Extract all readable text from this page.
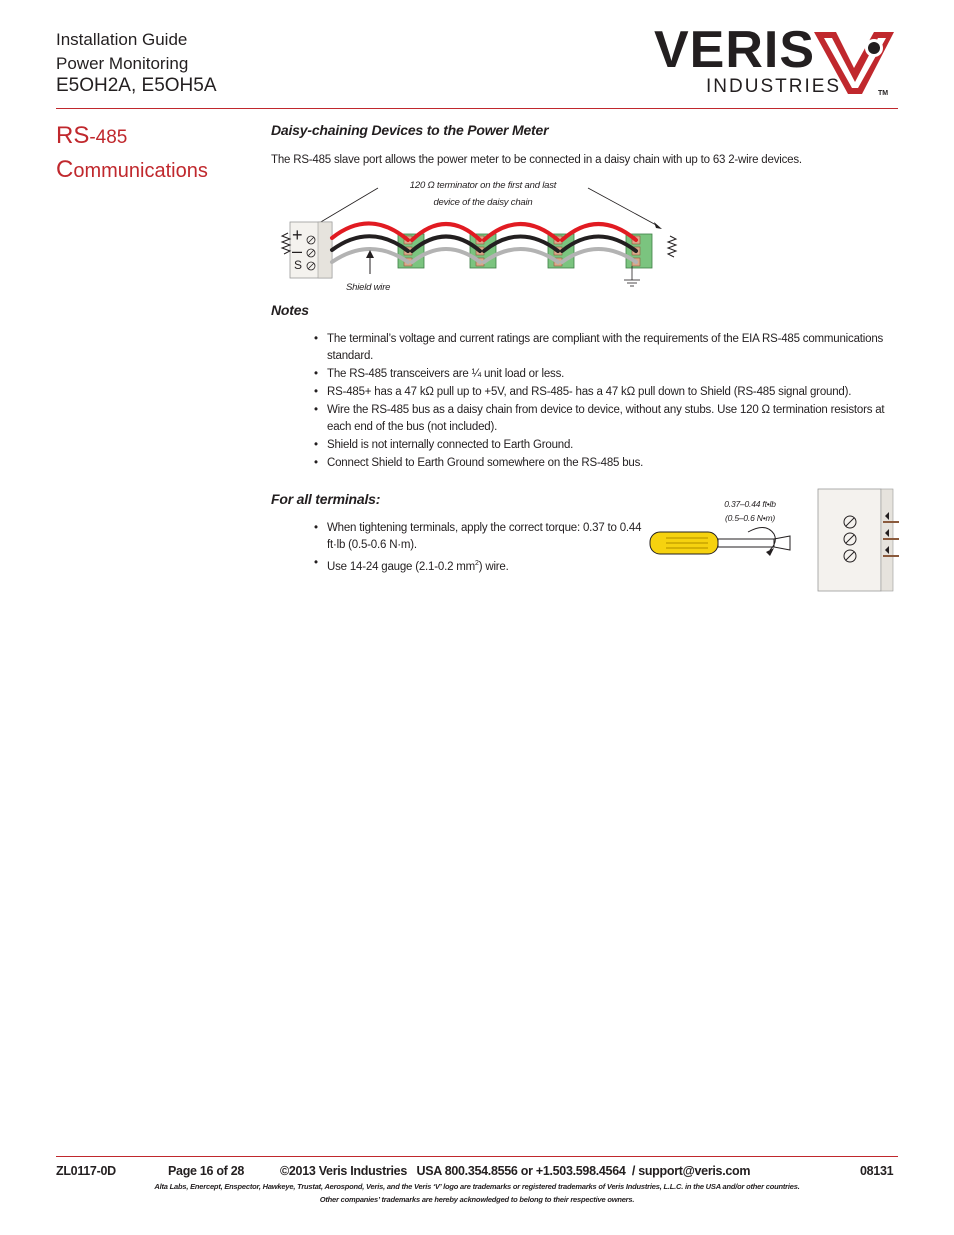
Installation Guide
Power Monitoring
E5OH2A, E5OH5A
VERIS
INDUSTRIES	TM
RS-485
Communications
Daisy-chaining Devices to the Power Meter
The RS-485 slave port allows the power meter to be connected in a daisy chain with up to 63 2-wire devices.
120 Ω terminator on the first and last
device of the daisy chain
+
–
S
Shield wire
Notes
• The terminal’s voltage and current ratings are compliant with the requirements of the EIA RS-485 communications standard.
• The RS-485 transceivers are ¼ unit load or less.
• RS-485+ has a 47 kΩ pull up to +5V, and RS-485- has a 47 kΩ pull down to Shield (RS-485 signal ground).
• Wire the RS-485 bus as a daisy chain from device to device, without any stubs. Use 120 Ω termination resistors at each end of the bus (not included).
• Shield is not internally connected to Earth Ground.
• Connect Shield to Earth Ground somewhere on the RS-485 bus.
For all terminals:
• When tightening terminals, apply the correct torque: 0.37 to 0.44 ft·lb (0.5-0.6 N·m).
• Use 14-24 gauge (2.1-0.2 $mm^2$) wire.
0.37–0.44 ft•lb
(0.5–0.6 N•m)
ZL0117-0D	Page 16 of 28	©2013 Veris Industries   USA 800.354.8556 or +1.503.598.4564  / support@veris.com	08131
Alta Labs, Enercept, Enspector, Hawkeye, Trustat, Aerospond, Veris, and the Veris ‘V’ logo are trademarks or registered trademarks of Veris Industries, L.L.C. in the USA and/or other countries.
Other companies’ trademarks are hereby acknowledged to belong to their respective owners.
